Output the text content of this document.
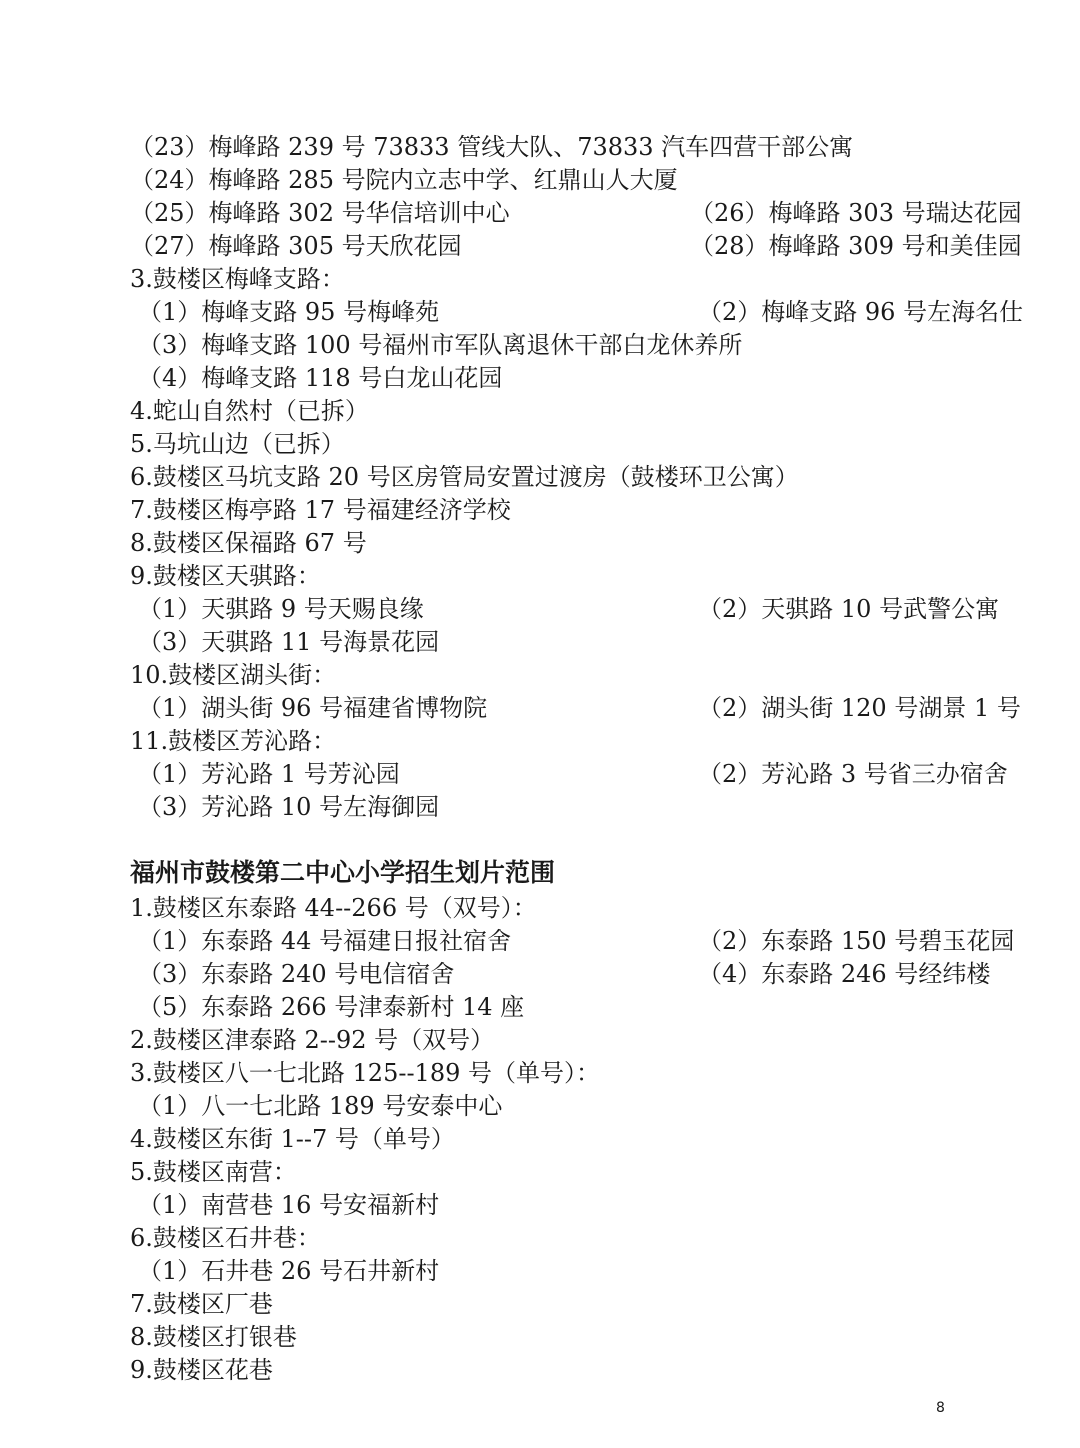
（23）梅峰路 239 号 73833 管线大队、73833 汽车四营干部公寓
（24）梅峰路 285 号院内立志中学、红鼎山人大厦
（25）梅峰路 302 号华信培训中心	（26）梅峰路 303 号瑞达花园
（27）梅峰路 305 号天欣花园	（28）梅峰路 309 号和美佳园
3.鼓楼区梅峰支路：
（1）梅峰支路 95 号梅峰苑	（2）梅峰支路 96 号左海名仕
（3）梅峰支路 100 号福州市军队离退休干部白龙休养所
（4）梅峰支路 118 号白龙山花园
4.蛇山自然村（已拆）
5.马坑山边（已拆）
6.鼓楼区马坑支路 20 号区房管局安置过渡房（鼓楼环卫公寓）
7.鼓楼区梅亭路 17 号福建经济学校
8.鼓楼区保福路 67 号
9.鼓楼区天骐路：
（1）天骐路 9 号天赐良缘	（2）天骐路 10 号武警公寓
（3）天骐路 11 号海景花园
10.鼓楼区湖头街：
（1）湖头街 96 号福建省博物院	（2）湖头街 120 号湖景 1 号
11.鼓楼区芳沁路：
（1）芳沁路 1 号芳沁园	（2）芳沁路 3 号省三办宿舍
（3）芳沁路 10 号左海御园
福州市鼓楼第二中心小学招生划片范围
1.鼓楼区东泰路 44--266 号（双号）：
（1）东泰路 44 号福建日报社宿舍	（2）东泰路 150 号碧玉花园
（3）东泰路 240 号电信宿舍	（4）东泰路 246 号经纬楼
（5）东泰路 266 号津泰新村 14 座
2.鼓楼区津泰路 2--92 号（双号）
3.鼓楼区八一七北路 125--189 号（单号）：
（1）八一七北路 189 号安泰中心
4.鼓楼区东街 1--7 号（单号）
5.鼓楼区南营：
（1）南营巷 16 号安福新村
6.鼓楼区石井巷：
（1）石井巷 26 号石井新村
7.鼓楼区厂巷
8.鼓楼区打银巷
9.鼓楼区花巷
8
